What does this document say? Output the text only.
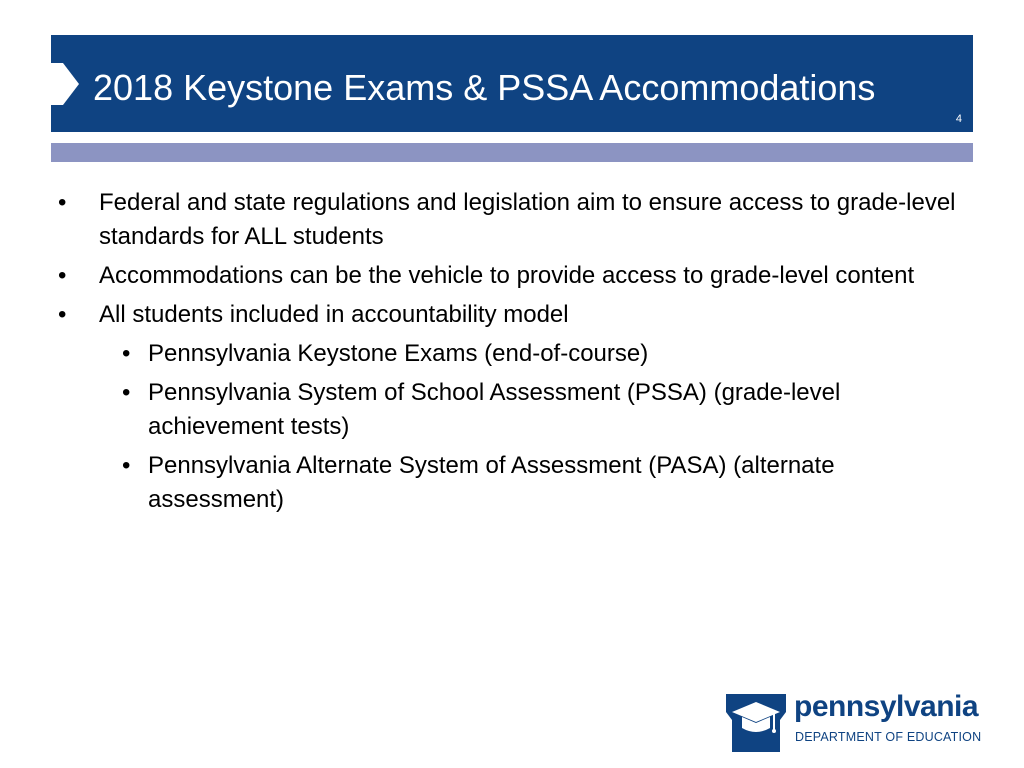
2018 Keystone Exams & PSSA Accommodations
4
• Federal and state regulations and legislation aim to ensure access to grade-level standards for ALL students
• Accommodations can be the vehicle to provide access to grade-level content
• All students included in accountability model
• Pennsylvania Keystone Exams (end-of-course)
• Pennsylvania System of School Assessment (PSSA) (grade-level achievement tests)
• Pennsylvania Alternate System of Assessment (PASA) (alternate assessment)
pennsylvania
DEPARTMENT OF EDUCATION
